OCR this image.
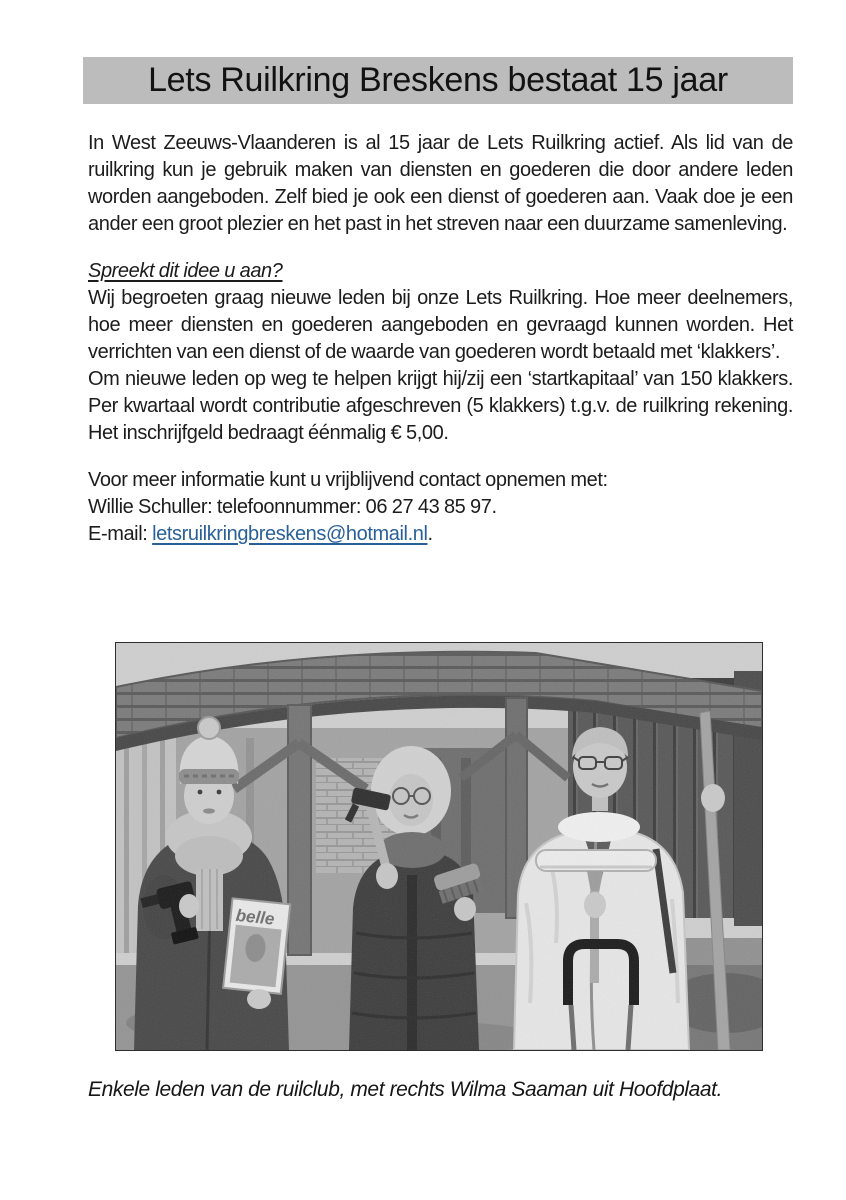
Lets Ruilkring Breskens bestaat 15 jaar

In West Zeeuws-Vlaanderen is al 15 jaar de Lets Ruilkring actief. Als lid van de ruilkring kun je gebruik maken van diensten en goederen die door andere leden worden aangeboden. Zelf bied je ook een dienst of goederen aan. Vaak doe je een ander een groot plezier en het past in het streven naar een duurzame samenleving.

Spreekt dit idee u aan?

Wij begroeten graag nieuwe leden bij onze Lets Ruilkring. Hoe meer deelnemers, hoe meer diensten en goederen aangeboden en gevraagd kunnen worden. Het verrichten van een dienst of de waarde van goederen wordt betaald met ‘klakkers’.

Om nieuwe leden op weg te helpen krijgt hij/zij een ‘startkapitaal’ van 150 klakkers. Per kwartaal wordt contributie afgeschreven (5 klakkers) t.g.v. de ruilkring rekening. Het inschrijfgeld bedraagt éénmalig € 5,00.

Voor meer informatie kunt u vrijblijvend contact opnemen met:

Willie Schuller: telefoonnummer: 06 27 43 85 97.

E-mail: letsruilkringbreskens@hotmail.nl.

belle
Enkele leden van de ruilclub, met rechts Wilma Saaman uit Hoofdplaat.
